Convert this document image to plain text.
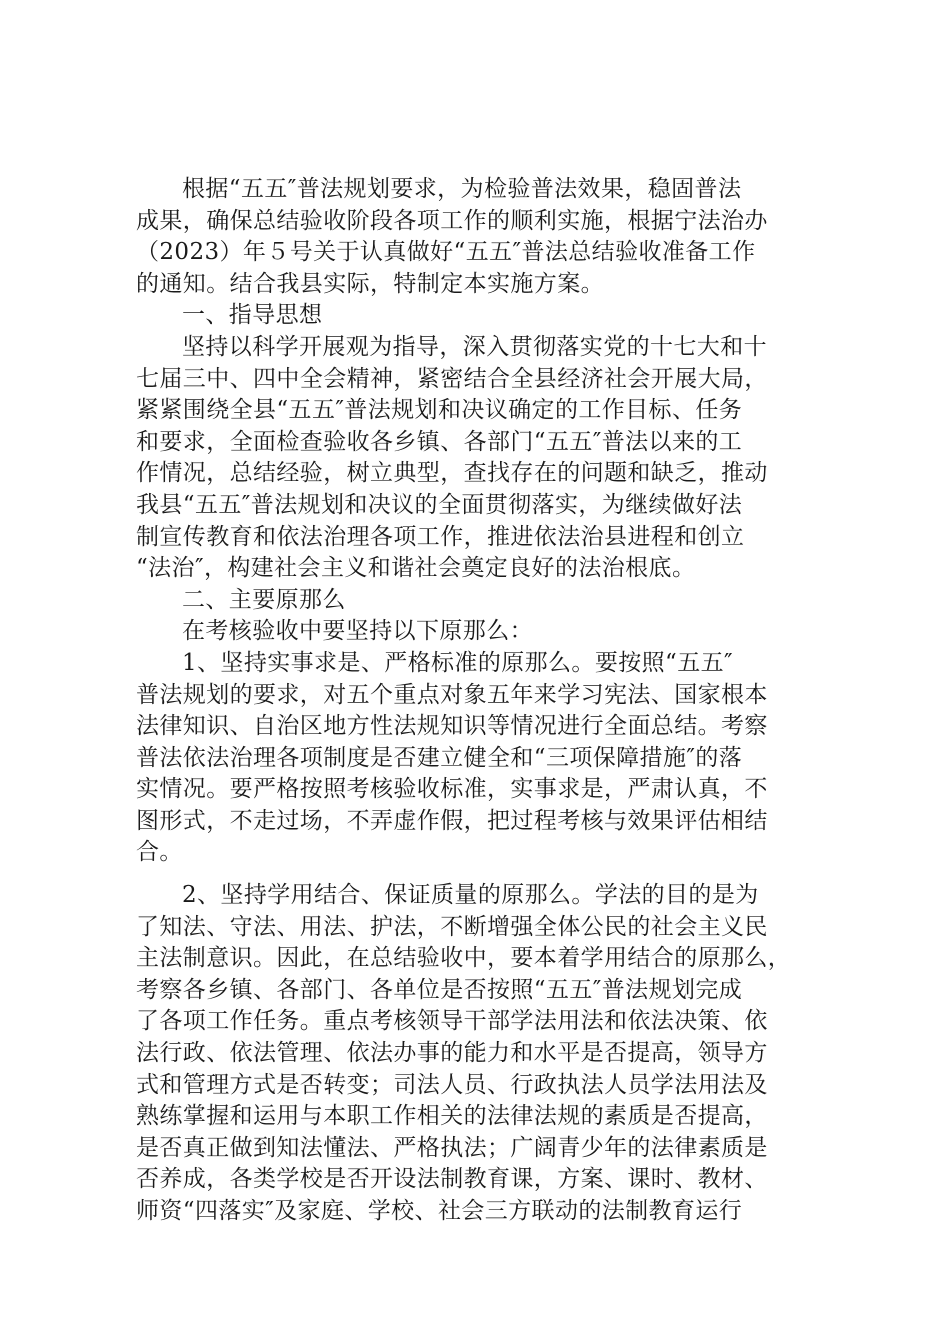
根据“五五″普法规划要求，为检验普法效果，稳固普法
成果，确保总结验收阶段各项工作的顺利实施，根据宁法治办
（2023）年５号关于认真做好“五五″普法总结验收准备工作
的通知。结合我县实际，特制定本实施方案。
一、指导思想
坚持以科学开展观为指导，深入贯彻落实党的十七大和十
七届三中、四中全会精神，紧密结合全县经济社会开展大局，
紧紧围绕全县“五五″普法规划和决议确定的工作目标、任务
和要求，全面检查验收各乡镇、各部门“五五″普法以来的工
作情况，总结经验，树立典型，查找存在的问题和缺乏，推动
我县“五五″普法规划和决议的全面贯彻落实，为继续做好法
制宣传教育和依法治理各项工作，推进依法治县进程和创立
“法治″，构建社会主义和谐社会奠定良好的法治根底。
二、主要原那么
在考核验收中要坚持以下原那么：
1、坚持实事求是、严格标准的原那么。要按照“五五″
普法规划的要求，对五个重点对象五年来学习宪法、国家根本
法律知识、自治区地方性法规知识等情况进行全面总结。考察
普法依法治理各项制度是否建立健全和“三项保障措施″的落
实情况。要严格按照考核验收标准，实事求是，严肃认真，不
图形式，不走过场，不弄虚作假，把过程考核与效果评估相结
合。
2、坚持学用结合、保证质量的原那么。学法的目的是为
了知法、守法、用法、护法，不断增强全体公民的社会主义民
主法制意识。因此，在总结验收中，要本着学用结合的原那么，
考察各乡镇、各部门、各单位是否按照“五五″普法规划完成
了各项工作任务。重点考核领导干部学法用法和依法决策、依
法行政、依法管理、依法办事的能力和水平是否提高，领导方
式和管理方式是否转变；司法人员、行政执法人员学法用法及
熟练掌握和运用与本职工作相关的法律法规的素质是否提高，
是否真正做到知法懂法、严格执法；广阔青少年的法律素质是
否养成，各类学校是否开设法制教育课，方案、课时、教材、
师资“四落实″及家庭、学校、社会三方联动的法制教育运行
